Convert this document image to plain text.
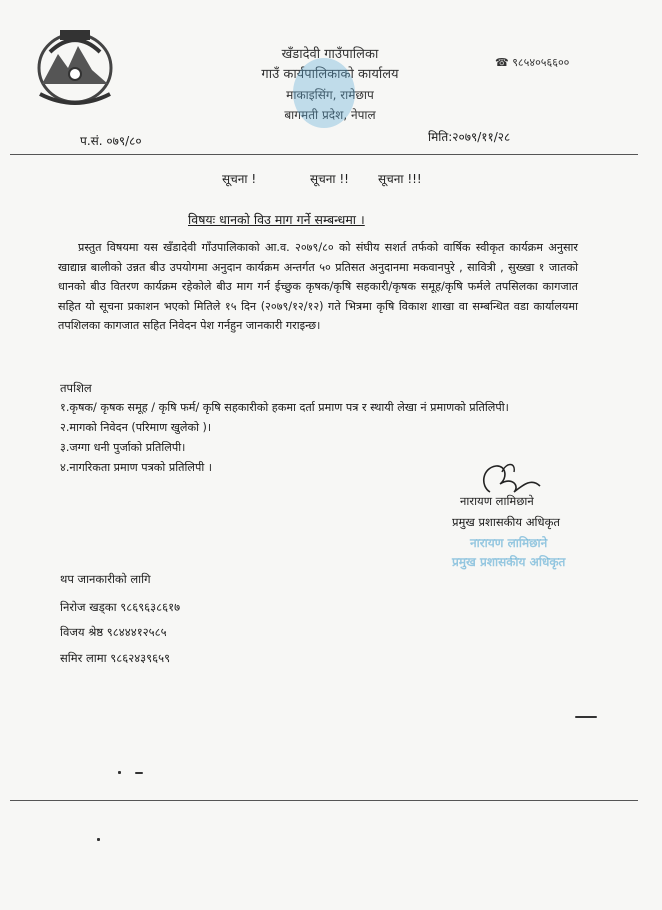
खँडादेवी गाउँपालिका
गाउँ कार्यपालिकाको कार्यालय
माकाइसिंग, रामेछाप
बागमती प्रदेश, नेपाल
☎ ९८५४०५६६००
प.सं. ०७९/८०	मिति:२०७९/११/२८
सूचना !	सूचना !! सूचना !!!
विषयः धानको विउ माग गर्ने सम्बन्धमा ।
प्रस्तुत विषयमा यस खँडादेवी गाँउपालिकाको आ.व. २०७९/८० को संघीय सशर्त तर्फको वार्षिक स्वीकृत कार्यक्रम अनुसार खाद्यान्न बालीको उन्नत बीउ उपयोगमा अनुदान कार्यक्रम अन्तर्गत ५० प्रतिसत अनुदानमा मकवानपुरे , सावित्री , सुख्खा १ जातको धानको बीउ वितरण कार्यक्रम रहेकोले बीउ माग गर्न ईच्छुक कृषक/कृषि सहकारी/कृषक समूह/कृषि फर्मले तपसिलका कागजात सहित यो सूचना प्रकाशन भएको मितिले १५ दिन (२०७९/१२/१२) गते भित्रमा कृषि विकाश शाखा वा सम्बन्धित वडा कार्यालयमा तपशिलका कागजात सहित निवेदन पेश गर्नहुन जानकारी गराइन्छ।
तपशिल
१.कृषक/ कृषक समूह / कृषि फर्म/ कृषि सहकारीको हकमा दर्ता प्रमाण पत्र र स्थायी लेखा नं प्रमाणको प्रतिलिपी।
२.मागको निवेदन (परिमाण खुलेको )।
३.जग्गा धनी पुर्जाको प्रतिलिपी।
४.नागरिकता प्रमाण पत्रको प्रतिलिपी ।
नारायण लामिछाने
प्रमुख प्रशासकीय अधिकृत
नारायण लामिछाने
प्रमुख प्रशासकीय अधिकृत
थप जानकारीको लागि
निरोज खड्का ९८६९६३८६१७
विजय श्रेष्ठ ९८४४४१२५८५
समिर लामा ९८६२४३९६५९
